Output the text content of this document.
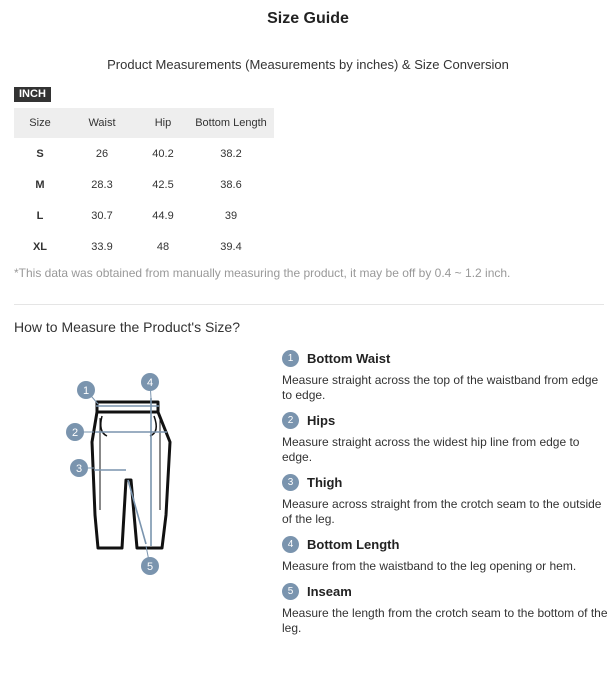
Size Guide
Product Measurements (Measurements by inches) & Size Conversion
INCH
Size	Waist	Hip	Bottom Length
S	26	40.2	38.2
M	28.3	42.5	38.6
L	30.7	44.9	39
XL	33.9	48	39.4
*This data was obtained from manually measuring the product, it may be off by 0.4 ~ 1.2 inch.
How to Measure the Product's Size?
1
2
3
4
5
1	Bottom Waist
Measure straight across the top of the waistband from edge to edge.
2	Hips
Measure straight across the widest hip line from edge to edge.
3	Thigh
Measure across straight from the crotch seam to the outside of the leg.
4	Bottom Length
Measure from the waistband to the leg opening or hem.
5	Inseam
Measure the length from the crotch seam to the bottom of the leg.
